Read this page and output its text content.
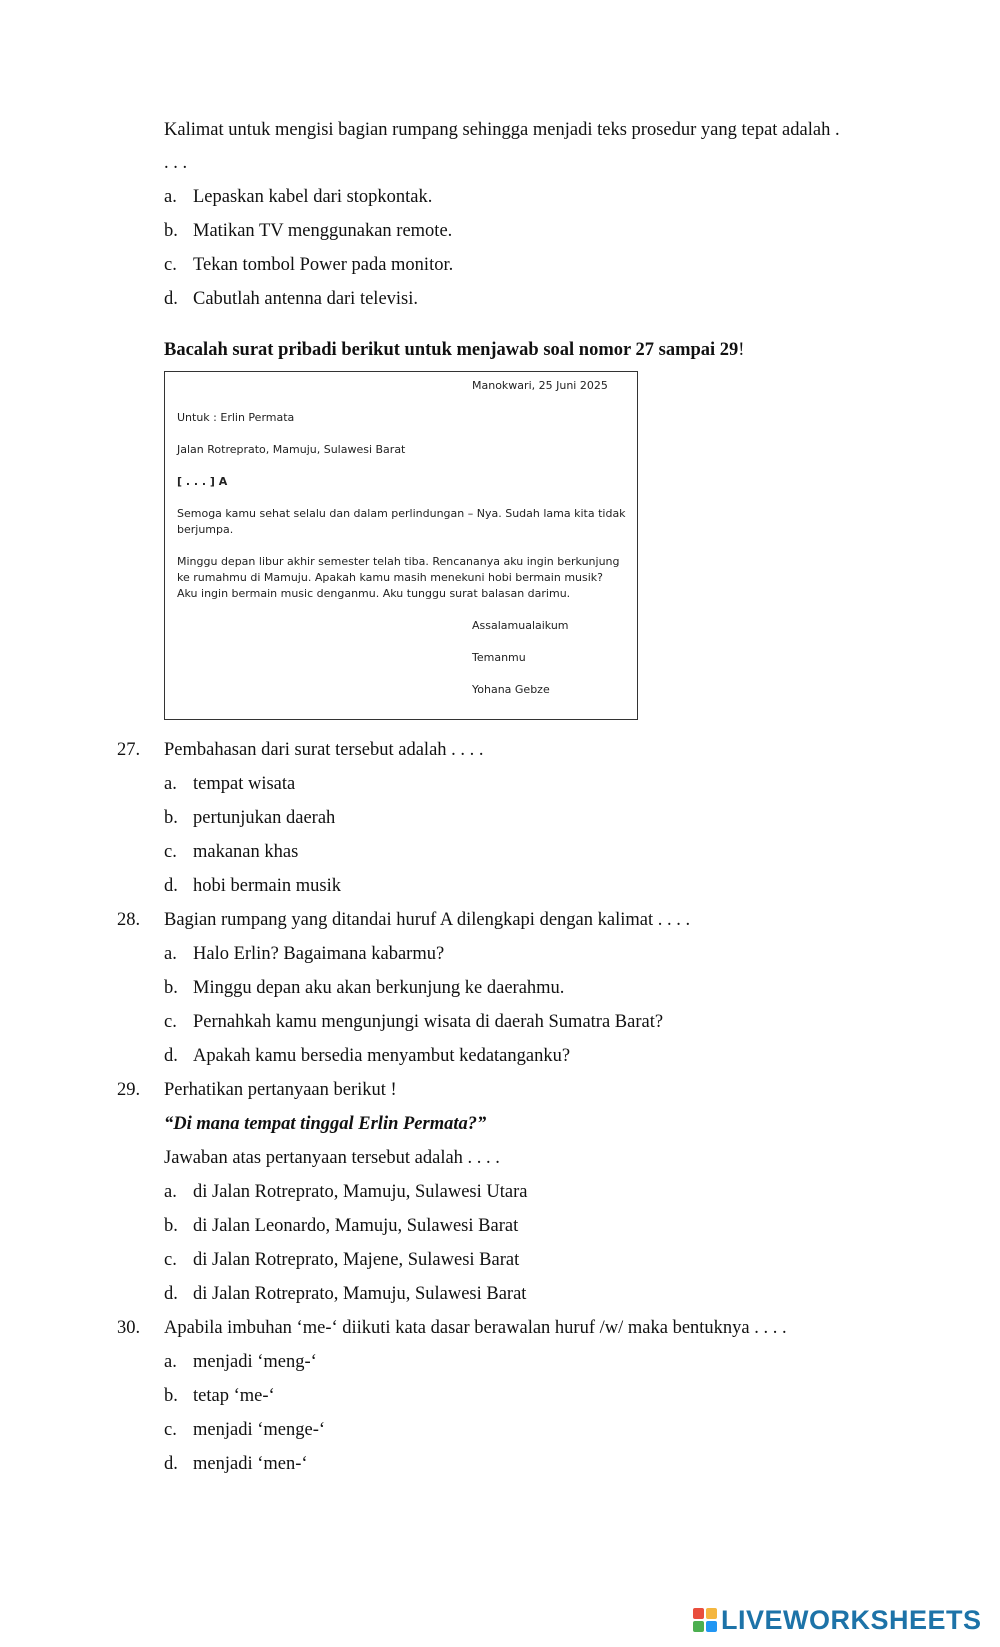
Kalimat untuk mengisi bagian rumpang sehingga menjadi teks prosedur yang tepat adalah .
. . .
a. Lepaskan kabel dari stopkontak.
b. Matikan TV menggunakan remote.
c. Tekan tombol Power pada monitor.
d. Cabutlah antenna dari televisi.
Bacalah surat pribadi berikut untuk menjawab soal nomor 27 sampai 29!
Manokwari, 25 Juni 2025
Untuk : Erlin Permata
Jalan Rotreprato, Mamuju, Sulawesi Barat
[ . . . ] A
Semoga kamu sehat selalu dan dalam perlindungan – Nya. Sudah lama kita tidak berjumpa.
Minggu depan libur akhir semester telah tiba. Rencananya aku ingin berkunjung ke rumahmu di Mamuju. Apakah kamu masih menekuni hobi bermain musik? Aku ingin bermain music denganmu. Aku tunggu surat balasan darimu.
Assalamualaikum
Temanmu
Yohana Gebze
27. Pembahasan dari surat tersebut adalah . . . .
a. tempat wisata
b. pertunjukan daerah
c. makanan khas
d. hobi bermain musik
28. Bagian rumpang yang ditandai huruf A dilengkapi dengan kalimat . . . .
a. Halo Erlin? Bagaimana kabarmu?
b. Minggu depan aku akan berkunjung ke daerahmu.
c. Pernahkah kamu mengunjungi wisata di daerah Sumatra Barat?
d. Apakah kamu bersedia menyambut kedatanganku?
29. Perhatikan pertanyaan berikut !
“Di mana tempat tinggal Erlin Permata?”
Jawaban atas pertanyaan tersebut adalah . . . .
a. di Jalan Rotreprato, Mamuju, Sulawesi Utara
b. di Jalan Leonardo, Mamuju, Sulawesi Barat
c. di Jalan Rotreprato, Majene, Sulawesi Barat
d. di Jalan Rotreprato, Mamuju, Sulawesi Barat
30. Apabila imbuhan ‘me-‘ diikuti kata dasar berawalan huruf /w/ maka bentuknya . . . .
a. menjadi ‘meng-‘
b. tetap ‘me-‘
c. menjadi ‘menge-‘
d. menjadi ‘men-‘
LIVEWORKSHEETS
